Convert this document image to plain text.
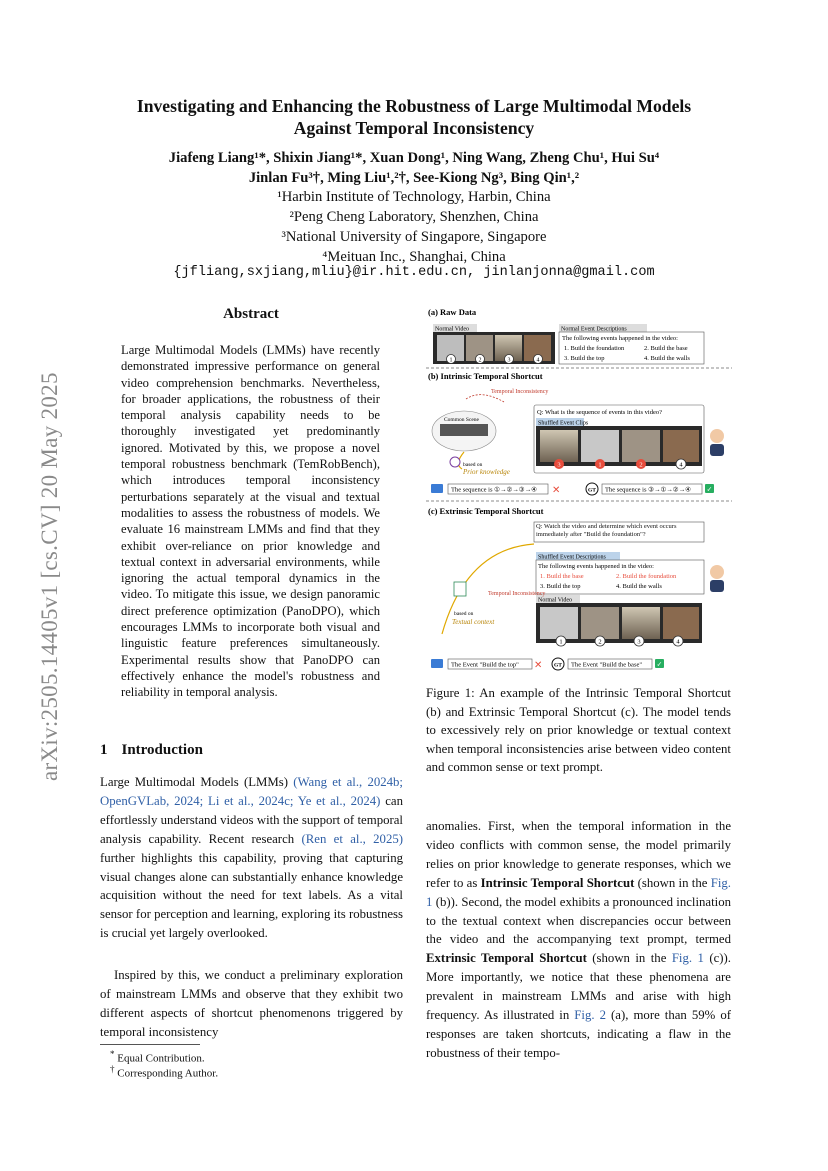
arXiv:2505.14405v1 [cs.CV] 20 May 2025
Investigating and Enhancing the Robustness of Large Multimodal Models
Against Temporal Inconsistency
Jiafeng Liang¹*, Shixin Jiang¹*, Xuan Dong¹, Ning Wang, Zheng Chu¹, Hui Su⁴
Jinlan Fu³†, Ming Liu¹,²†, See-Kiong Ng³, Bing Qin¹,²
¹Harbin Institute of Technology, Harbin, China
²Peng Cheng Laboratory, Shenzhen, China
³National University of Singapore, Singapore
⁴Meituan Inc., Shanghai, China
{jfliang,sxjiang,mliu}@ir.hit.edu.cn, jinlanjonna@gmail.com
Abstract
Large Multimodal Models (LMMs) have recently demonstrated impressive performance on general video comprehension benchmarks. Nevertheless, for broader applications, the robustness of their temporal analysis capability needs to be thoroughly investigated yet predominantly ignored. Motivated by this, we propose a novel temporal robustness benchmark (TemRobBench), which introduces temporal inconsistency perturbations separately at the visual and textual modalities to assess the robustness of models. We evaluate 16 mainstream LMMs and find that they exhibit over-reliance on prior knowledge and textual context in adversarial environments, while ignoring the actual temporal dynamics in the video. To mitigate this issue, we design panoramic direct preference optimization (PanoDPO), which encourages LMMs to incorporate both visual and linguistic feature preferences simultaneously. Experimental results show that PanoDPO can effectively enhance the model's robustness and reliability in temporal analysis.
1 Introduction
Large Multimodal Models (LMMs) (Wang et al., 2024b; OpenGVLab, 2024; Li et al., 2024c; Ye et al., 2024) can effortlessly understand videos with the support of temporal analysis capability. Recent research (Ren et al., 2025) further highlights this capability, proving that capturing visual changes alone can substantially enhance knowledge acquisition without the need for text labels. As a vital sensor for perception and learning, exploring its robustness is crucial yet largely overlooked.
Inspired by this, we conduct a preliminary exploration of mainstream LMMs and observe that they exhibit two different aspects of shortcut phenomenons triggered by temporal inconsistency
* Equal Contribution.
† Corresponding Author.
anomalies. First, when the temporal information in the video conflicts with common sense, the model primarily relies on prior knowledge to generate responses, which we refer to as Intrinsic Temporal Shortcut (shown in the Fig. 1 (b)). Second, the model exhibits a pronounced inclination to the textual context when discrepancies occur between the video and the accompanying text prompt, termed Extrinsic Temporal Shortcut (shown in the Fig. 1 (c)). More importantly, we notice that these phenomena are prevalent in mainstream LMMs and arise with high frequency. As illustrated in Fig. 2 (a), more than 59% of responses are taken shortcuts, indicating a flaw in the robustness of their tempo-
Figure 1: An example of the Intrinsic Temporal Shortcut (b) and Extrinsic Temporal Shortcut (c). The model tends to excessively rely on prior knowledge or textual context when temporal inconsistencies arise between video content and common sense or text prompt.
(a) Raw Data
Normal Video
1	2	3	4
Normal Event Descriptions
The following events happened in the video:
1. Build the foundation	2. Build the base
3. Build the top	4. Build the walls
(b) Intrinsic Temporal Shortcut
Temporal Inconsistency
Common Scene
based on
Prior knowledge
Q: What is the sequence of events in this video?
Shuffled Event Clips
3	1	2	4
The sequence is ①→②→③→④ ✕	GT The sequence is ③→①→②→④ ✓
(c) Extrinsic Temporal Shortcut
Q: Watch the video and determine which event occurs immediately after "Build the foundation"?
Shuffled Event Descriptions
The following events happened in the video:
1. Build the base	2. Build the foundation
3. Build the top	4. Build the walls
Normal Video
1	2	3	4
Temporal Inconsistency
based on
Textual context
The Event "Build the top" ✕ GT The Event "Build the base" ✓
